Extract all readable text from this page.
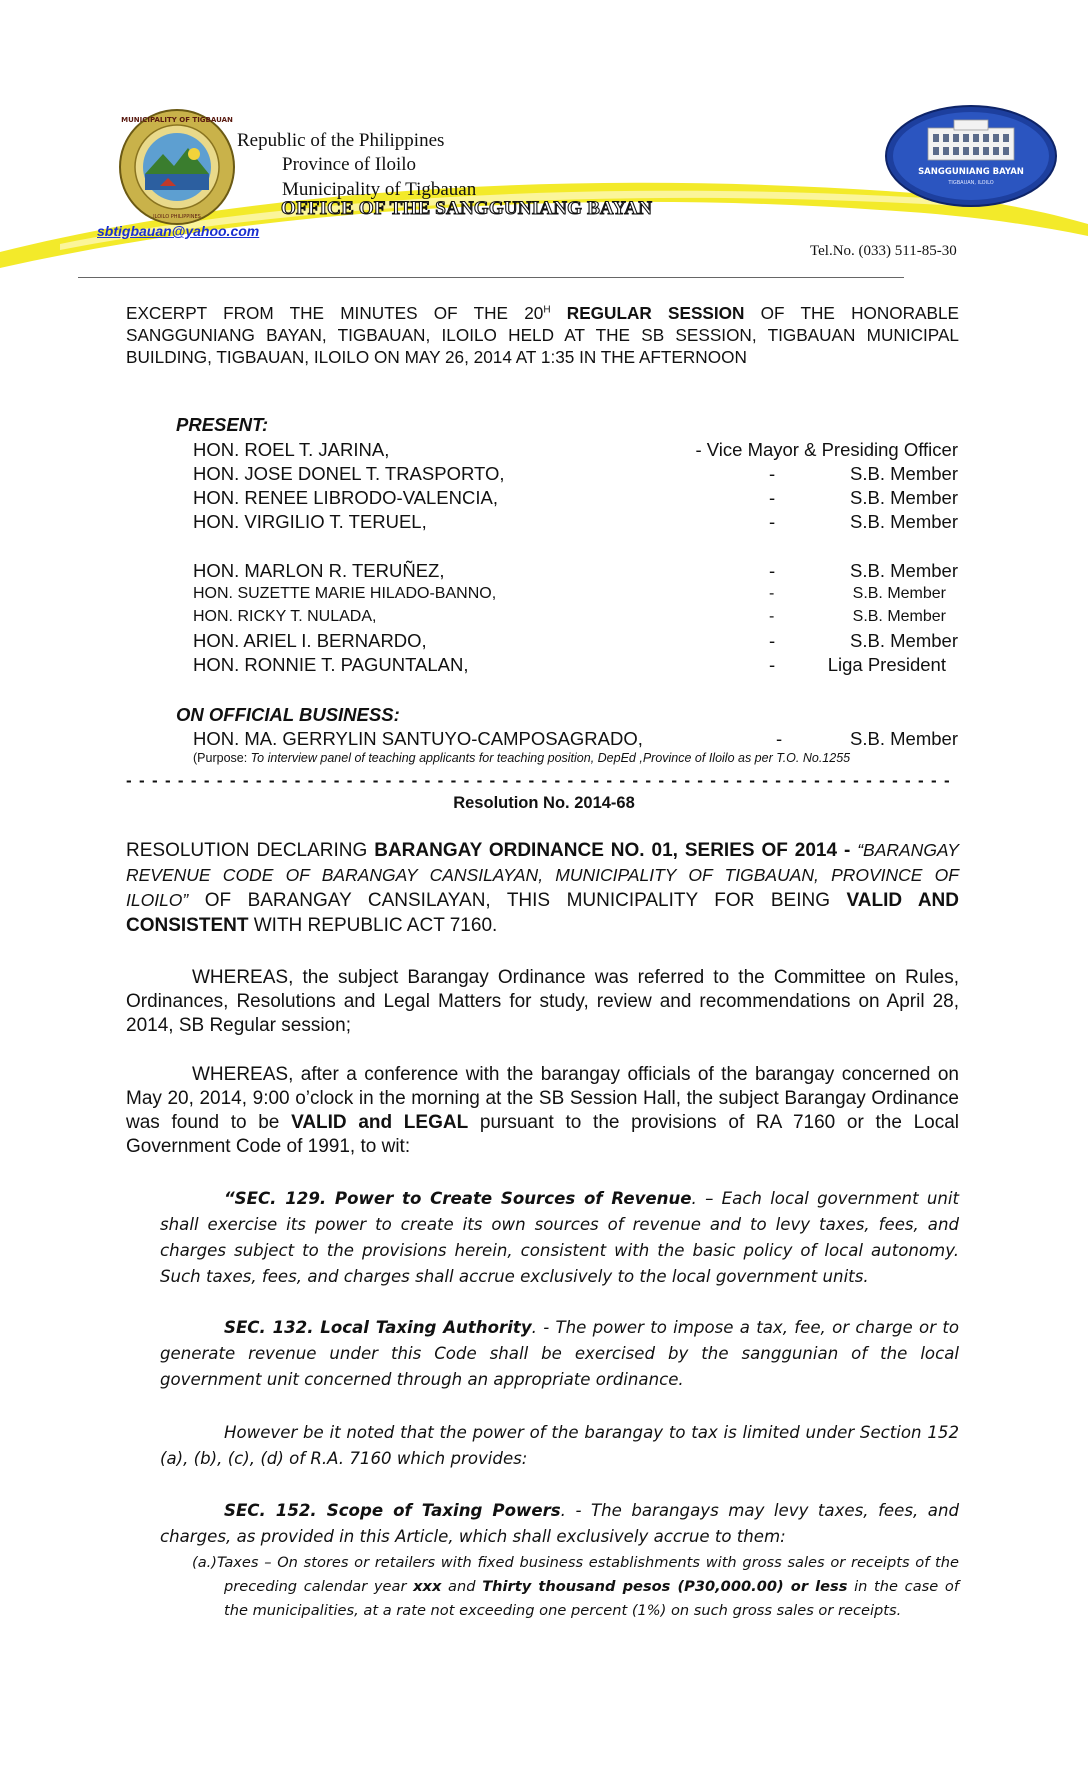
MUNICIPALITY OF TIGBAUAN
ILOILO PHILIPPINES
SANGGUNIANG BAYAN
TIGBAUAN, ILOILO
Republic of the Philippines
Province of Iloilo
Municipality of Tigbauan
OFFICE OF THE SANGGUNIANG BAYAN
sbtigbauan@yahoo.com
Tel.No. (033) 511-85-30
EXCERPT FROM THE MINUTES OF THE $20^H$ REGULAR SESSION OF THE HONORABLE SANGGUNIANG BAYAN, TIGBAUAN, ILOILO HELD AT THE SB SESSION, TIGBAUAN MUNICIPAL BUILDING, TIGBAUAN, ILOILO ON MAY 26, 2014 AT 1:35 IN THE AFTERNOON
PRESENT:
HON. ROEL T. JARINA,	- Vice Mayor & Presiding Officer
HON. JOSE DONEL T. TRASPORTO,	-	S.B. Member
HON. RENEE LIBRODO-VALENCIA,	-	S.B. Member
HON. VIRGILIO T. TERUEL,	-	S.B. Member
HON. MARLON R. TERUÑEZ,	-	S.B. Member
HON. SUZETTE MARIE HILADO-BANNO,	-	S.B. Member
HON. RICKY T. NULADA,	-	S.B. Member
HON. ARIEL I. BERNARDO,	-	S.B. Member
HON. RONNIE T. PAGUNTALAN,	-	Liga President
ON OFFICIAL BUSINESS:
HON. MA. GERRYLIN SANTUYO-CAMPOSAGRADO,	-	S.B. Member
(Purpose: To interview panel of teaching applicants for teaching position, DepEd ,Province of Iloilo as per T.O. No.1255
- - - - - - - - - - - - - - - - - - - - - - - - - - - - - - - - - - - - - - - - - - - - - - - - - - - - - - - - - - - - - - - -
Resolution No. 2014-68
RESOLUTION DECLARING BARANGAY ORDINANCE NO. 01, SERIES OF 2014 - “BARANGAY REVENUE CODE OF BARANGAY CANSILAYAN, MUNICIPALITY OF TIGBAUAN, PROVINCE OF ILOILO” OF BARANGAY CANSILAYAN, THIS MUNICIPALITY FOR BEING VALID AND CONSISTENT WITH REPUBLIC ACT 7160.
WHEREAS, the subject Barangay Ordinance was referred to the Committee on Rules, Ordinances, Resolutions and Legal Matters for study, review and recommendations on April 28, 2014, SB Regular session;
WHEREAS, after a conference with the barangay officials of the barangay concerned on May 20, 2014, 9:00 o’clock in the morning at the SB Session Hall, the subject Barangay Ordinance was found to be VALID and LEGAL pursuant to the provisions of RA 7160 or the Local Government Code of 1991, to wit:
“SEC. 129. Power to Create Sources of Revenue. – Each local government unit shall exercise its power to create its own sources of revenue and to levy taxes, fees, and charges subject to the provisions herein, consistent with the basic policy of local autonomy. Such taxes, fees, and charges shall accrue exclusively to the local government units.
SEC. 132. Local Taxing Authority. - The power to impose a tax, fee, or charge or to generate revenue under this Code shall be exercised by the sanggunian of the local government unit concerned through an appropriate ordinance.
However be it noted that the power of the barangay to tax is limited under Section 152 (a), (b), (c), (d) of R.A. 7160 which provides:
SEC. 152. Scope of Taxing Powers. - The barangays may levy taxes, fees, and charges, as provided in this Article, which shall exclusively accrue to them:
(a.)Taxes – On stores or retailers with fixed business establishments with gross sales or receipts of the preceding calendar year xxx and Thirty thousand pesos (P30,000.00) or less in the case of the municipalities, at a rate not exceeding one percent (1%) on such gross sales or receipts.
